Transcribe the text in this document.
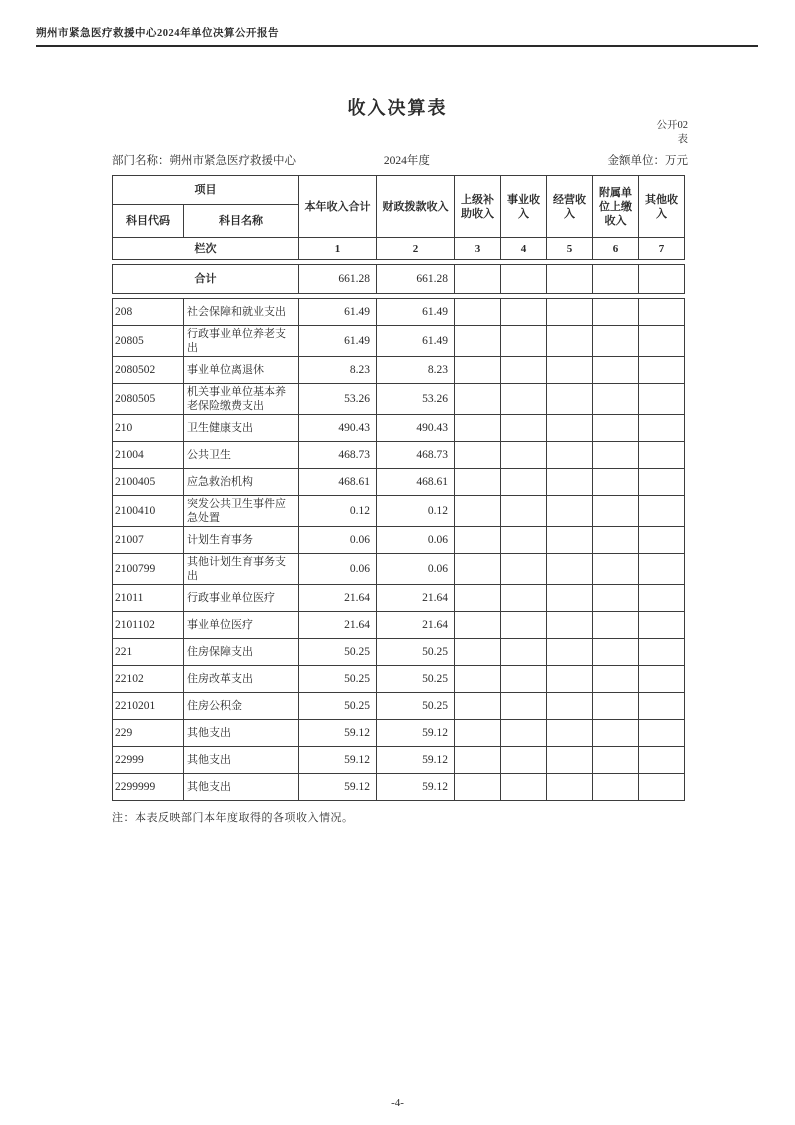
朔州市紧急医疗救援中心2024年单位决算公开报告
收入决算表
公开02
表
部门名称：朔州市紧急医疗救援中心	2024年度	金额单位：万元
项目		本年收入合计	财政拨款收入	上级补助收入	事业收入	经营收入	附属单位上缴收入	其他收入
科目代码	科目名称							
栏次		1	2	3	4	5	6	7
合计	661.28	661.28					
208	社会保障和就业支出	61.49	61.49					
20805	行政事业单位养老支出	61.49	61.49					
2080502	事业单位离退休	8.23	8.23					
2080505	机关事业单位基本养老保险缴费支出	53.26	53.26					
210	卫生健康支出	490.43	490.43					
21004	公共卫生	468.73	468.73					
2100405	应急救治机构	468.61	468.61					
2100410	突发公共卫生事件应急处置	0.12	0.12					
21007	计划生育事务	0.06	0.06					
2100799	其他计划生育事务支出	0.06	0.06					
21011	行政事业单位医疗	21.64	21.64					
2101102	事业单位医疗	21.64	21.64					
221	住房保障支出	50.25	50.25					
22102	住房改革支出	50.25	50.25					
2210201	住房公积金	50.25	50.25					
229	其他支出	59.12	59.12					
22999	其他支出	59.12	59.12					
2299999	其他支出	59.12	59.12					
注：本表反映部门本年度取得的各项收入情况。
-4-
